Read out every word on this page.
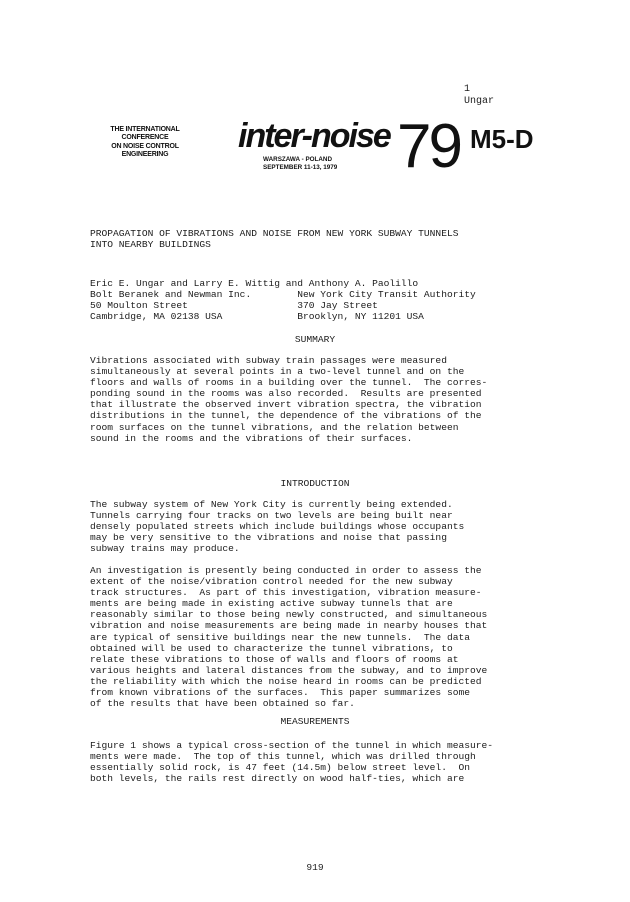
1
Ungar
THE INTERNATIONAL
CONFERENCE
ON NOISE CONTROL
ENGINEERING	inter-noise 79
WARSZAWA - POLAND
SEPTEMBER 11-13, 1979
M5-D
PROPAGATION OF VIBRATIONS AND NOISE FROM NEW YORK SUBWAY TUNNELS
INTO NEARBY BUILDINGS
Eric E. Ungar and Larry E. Wittig and Anthony A. Paolillo
Bolt Beranek and Newman Inc.        New York City Transit Authority
50 Moulton Street                   370 Jay Street
Cambridge, MA 02138 USA             Brooklyn, NY 11201 USA
SUMMARY
Vibrations associated with subway train passages were measured
simultaneously at several points in a two-level tunnel and on the
floors and walls of rooms in a building over the tunnel.  The corres-
ponding sound in the rooms was also recorded.  Results are presented
that illustrate the observed invert vibration spectra, the vibration
distributions in the tunnel, the dependence of the vibrations of the
room surfaces on the tunnel vibrations, and the relation between
sound in the rooms and the vibrations of their surfaces.
INTRODUCTION
The subway system of New York City is currently being extended.
Tunnels carrying four tracks on two levels are being built near
densely populated streets which include buildings whose occupants
may be very sensitive to the vibrations and noise that passing
subway trains may produce.
An investigation is presently being conducted in order to assess the
extent of the noise/vibration control needed for the new subway
track structures.  As part of this investigation, vibration measure-
ments are being made in existing active subway tunnels that are
reasonably similar to those being newly constructed, and simultaneous
vibration and noise measurements are being made in nearby houses that
are typical of sensitive buildings near the new tunnels.  The data
obtained will be used to characterize the tunnel vibrations, to
relate these vibrations to those of walls and floors of rooms at
various heights and lateral distances from the subway, and to improve
the reliability with which the noise heard in rooms can be predicted
from known vibrations of the surfaces.  This paper summarizes some
of the results that have been obtained so far.
MEASUREMENTS
Figure 1 shows a typical cross-section of the tunnel in which measure-
ments were made.  The top of this tunnel, which was drilled through
essentially solid rock, is 47 feet (14.5m) below street level.  On
both levels, the rails rest directly on wood half-ties, which are
919
